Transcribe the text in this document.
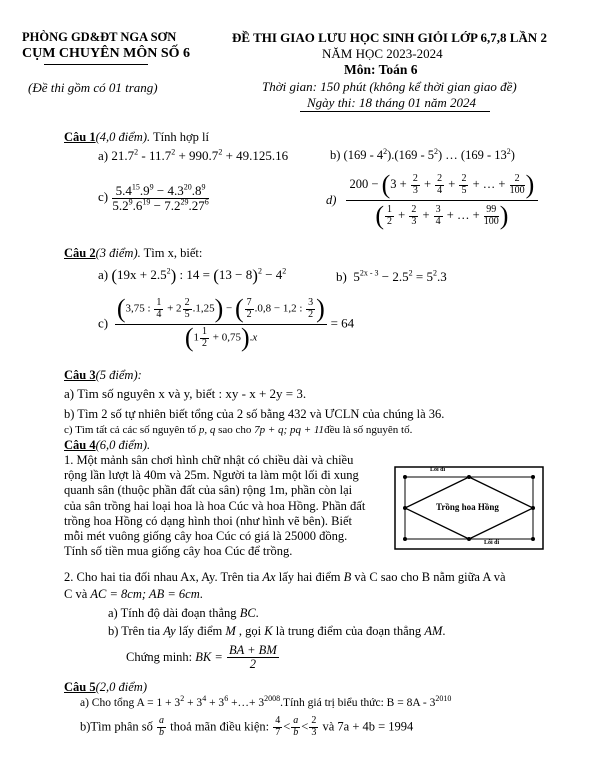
PHÒNG GD&ĐT NGA SƠN
CỤM CHUYÊN MÔN SỐ 6
(Đề thi gồm có 01 trang)
ĐỀ THI GIAO LƯU HỌC SINH GIỎI LỚP 6,7,8 LẦN 2
NĂM HỌC 2023-2024
Môn: Toán 6
Thời gian: 150 phút (không kể thời gian giao đề)
Ngày thi: 18 tháng 01 năm 2024
Câu 1(4,0 điểm). Tính hợp lí
a) $21.7^2 - 11.7^2 + 990.7^2 + 49.125.16$	b) $(169 - 4^2).(169 - 5^2)$ … $(169 - 13^2)$
$c) \frac{5.4^{15}.9^9 - 4.3^{20}.8^9}{5.2^9.6^{19} - 7.2^{29}.27^6}$	$d) \frac{200 - (3 + \frac{2}{3} + \frac{2}{4} + \frac{2}{5} + \dots + \frac{2}{100} )}{( \frac{1}{2} + \frac{2}{3} + \frac{3}{4} + \dots + \frac{99}{100} )}$
Câu 2(3 điểm). Tìm x, biết:
a) $(19x + 2.5^2)$ : $14 = (13 - 8)^2 - 4^2$	b)  $5^{2x - 3} - 2.5^2 = 5^2.3$
$c) \frac{(3,75 : \frac{1}{4} + 2 \frac{2}{5} .1,25) - ( \frac{7}{2} .0,8 - 1,2 : \frac{3}{2} )}{(1 \frac{1}{2} + 0,75).x} = 64$
Câu 3(5 điểm):
a) Tìm số nguyên x và y, biết : xy - x + 2y = 3.
b) Tìm 2 số tự nhiên biết tổng của 2 số bằng 432 và ƯCLN của chúng là 36.
c) Tìm tất cả các số nguyên tố p, q sao cho 7p + q; pq + 11đều là số nguyên tố.
Câu 4(6,0 điểm).
1. Một mảnh sân chơi hình chữ nhật có chiều dài và chiều
rộng lần lượt là 40m và 25m. Người ta làm một lối đi xung
quanh sân (thuộc phần đất của sân) rộng 1m, phần còn lại
của sân trồng hai loại hoa là hoa Cúc và hoa Hồng. Phần đất
trồng hoa Hồng có dạng hình thoi (như hình vẽ bên). Biết
mỗi mét vuông giống cây hoa Cúc có giá là 25000 đồng.
Tính số tiền mua giống cây hoa Cúc để trồng.
Lối đi
Trồng hoa Hồng
Lối đi
2. Cho hai tia đối nhau Ax, Ay. Trên tia Ax lấy hai điểm B và C sao cho B nằm giữa A và
C và AC = 8cm; AB = 6cm.
a) Tính độ dài đoạn thẳng BC.
b) Trên tia Ay lấy điểm M , gọi K là trung điểm của đoạn thẳng AM.
Chứng minh: BK = $\frac{BA + BM}{2}$
Câu 5(2,0 điểm)
a) Cho tổng $A = 1 + 3^2 + 3^4 + 3^6$ +…+ $3^{2008}.Tính$ giá trị biểu thức: $B = 8A - 3^{2010}$
b)Tìm phân số $\frac{a}{b}$ thoả mãn điều kiện: $\frac{4}{7} < \frac{a}{b} < \frac{2}{3}$ và 7a + 4b = 1994
